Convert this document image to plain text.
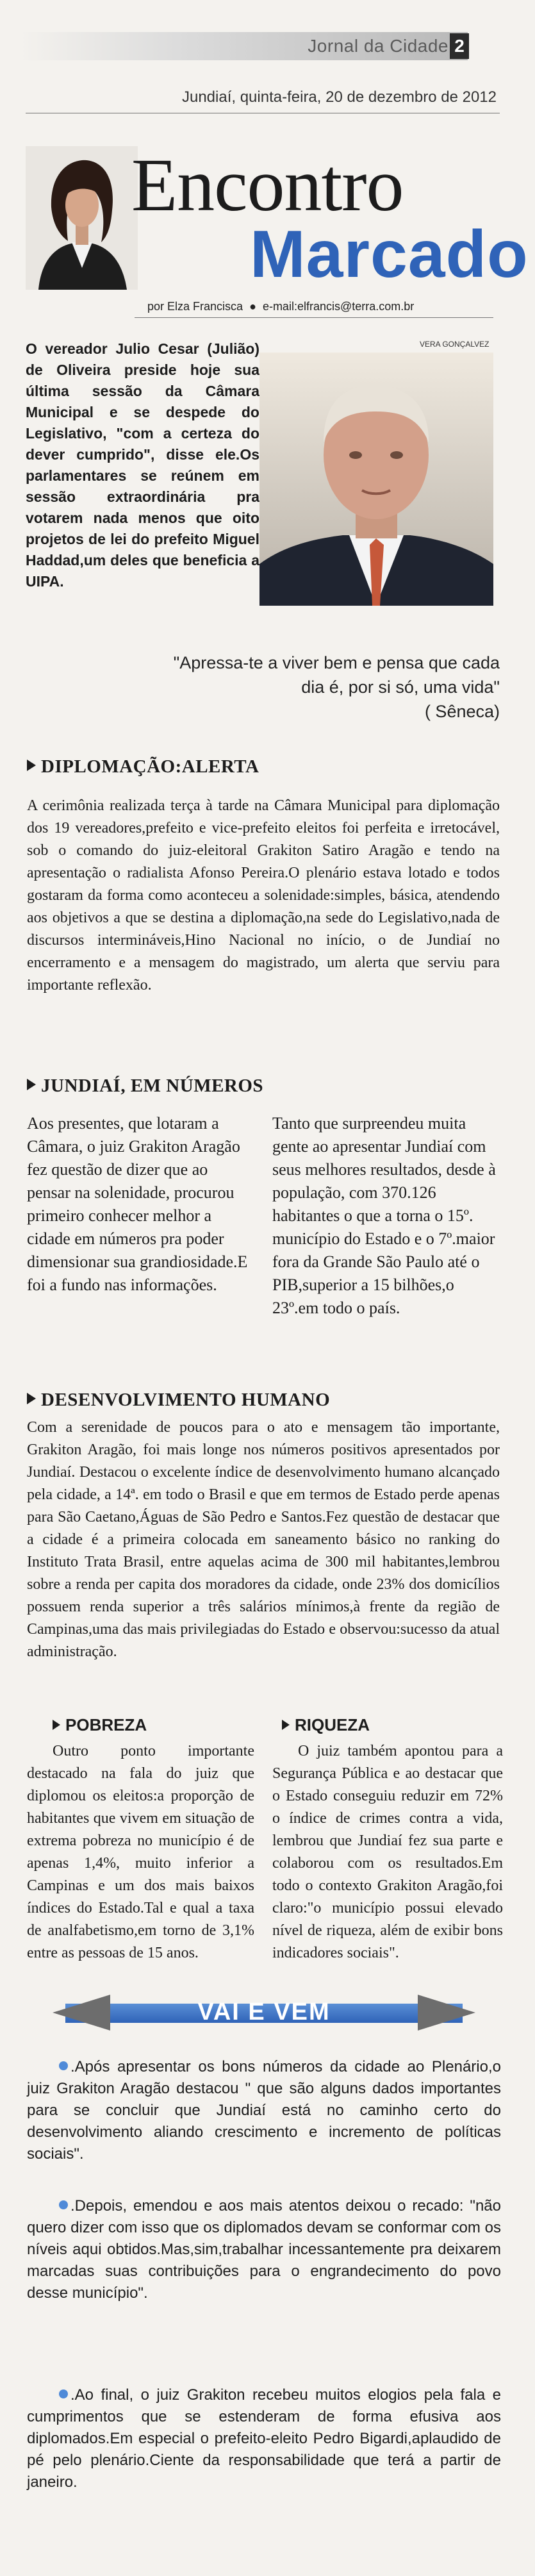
Jornal da Cidade 2
Jundiaí, quinta-feira, 20 de dezembro de 2012
Encontro
Marcado
por Elza Francisca ● e-mail:elfrancis@terra.com.br
O vereador Julio Cesar (Julião) de Oliveira preside hoje sua última sessão da Câmara Municipal e se despede do Legislativo, "com a certeza do dever cumprido", disse ele.Os parlamentares se reúnem em sessão extraordinária pra votarem nada menos que oito projetos de lei do prefeito Miguel Haddad,um deles que beneficia a UIPA.
VERA GONÇALVEZ
"Apressa-te a viver bem e pensa que cada dia é, por si só, uma vida"
( Sêneca)
DIPLOMAÇÃO:ALERTA
A cerimônia realizada terça à tarde na Câmara Municipal para diplomação dos 19 vereadores,prefeito e vice-prefeito eleitos foi perfeita e irretocável, sob o comando do juiz-eleitoral Grakiton Satiro Aragão e tendo na apresentação o radialista Afonso Pereira.O plenário estava lotado e todos gostaram da forma como aconteceu a solenidade:simples, básica, atendendo aos objetivos a que se destina a diplomação,na sede do Legislativo,nada de discursos intermináveis,Hino Nacional no início, o de Jundiaí no encerramento e a mensagem do magistrado, um alerta que serviu para importante reflexão.
JUNDIAÍ, EM NÚMEROS
Aos presentes, que lotaram a Câmara, o juiz Grakiton Aragão fez questão de dizer que ao pensar na solenidade, procurou primeiro conhecer melhor a cidade em números pra poder dimensionar sua grandiosidade.E foi a fundo nas informações.
Tanto que surpreendeu muita gente ao apresentar Jundiaí com seus melhores resultados, desde à população, com 370.126 habitantes o que a torna o 15º. município do Estado e o 7º.maior fora da Grande São Paulo até o PIB,superior a 15 bilhões,o 23º.em todo o país.
DESENVOLVIMENTO HUMANO
Com a serenidade de poucos para o ato e mensagem tão importante, Grakiton Aragão, foi mais longe nos números positivos apresentados por Jundiaí. Destacou o excelente índice de desenvolvimento humano alcançado pela cidade, a 14ª. em todo o Brasil e que em termos de Estado perde apenas para São Caetano,Águas de São Pedro e Santos.Fez questão de destacar que a cidade é a primeira colocada em saneamento básico no ranking do Instituto Trata Brasil, entre aquelas acima de 300 mil habitantes,lembrou sobre a renda per capita dos moradores da cidade, onde 23% dos domicílios possuem renda superior a três salários mínimos,à frente da região de Campinas,uma das mais privilegiadas do Estado e observou:sucesso da atual administração.
POBREZA	RIQUEZA
Outro ponto importante destacado na fala do juiz que diplomou os eleitos:a proporção de habitantes que vivem em situação de extrema pobreza no município é de apenas 1,4%, muito inferior a Campinas e um dos mais baixos índices do Estado.Tal e qual a taxa de analfabetismo,em torno de 3,1% entre as pessoas de 15 anos.
O juiz também apontou para a Segurança Pública e ao destacar que o Estado conseguiu reduzir em 72% o índice de crimes contra a vida, lembrou que Jundiaí fez sua parte e colaborou com os resultados.Em todo o contexto Grakiton Aragão,foi claro:"o município possui elevado nível de riqueza, além de exibir bons indicadores sociais".
VAI E VEM
.Após apresentar os bons números da cidade ao Plenário,o juiz Grakiton Aragão destacou " que são alguns dados importantes para se concluir que Jundiaí está no caminho certo do desenvolvimento aliando crescimento e incremento de políticas sociais".
.Depois, emendou e aos mais atentos deixou o recado: "não quero dizer com isso que os diplomados devam se conformar com os níveis aqui obtidos.Mas,sim,trabalhar incessantemente pra deixarem marcadas suas contribuições para o engrandecimento do povo desse município".
.Ao final, o juiz Grakiton recebeu muitos elogios pela fala e cumprimentos que se estenderam de forma efusiva aos diplomados.Em especial o prefeito-eleito Pedro Bigardi,aplaudido de pé pelo plenário.Ciente da responsabilidade que terá a partir de janeiro.
